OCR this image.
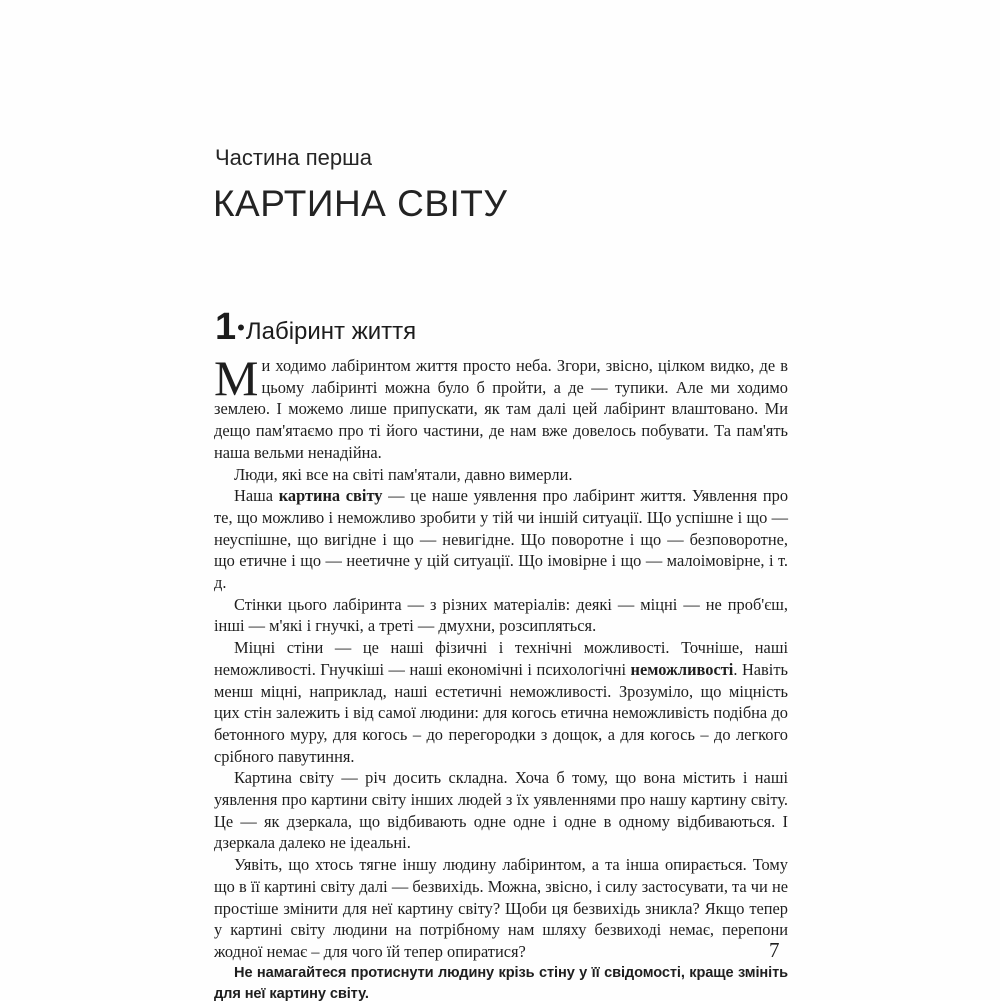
Частина перша
КАРТИНА СВІТУ
1 • Лабіринт життя

Ми ходимо лабіринтом життя просто неба. Згори, звісно, цілком видко, де в цьому лабіринті можна було б пройти, а де — тупики. Але ми ходимо землею. І можемо лише припускати, як там далі цей лабіринт влаштовано. Ми дещо пам'ятаємо про ті його частини, де нам вже довелось побувати. Та пам'ять наша вельми ненадійна.

Люди, які все на світі пам'ятали, давно вимерли.

Наша картина світу — це наше уявлення про лабіринт життя. Уявлення про те, що можливо і неможливо зробити у тій чи іншій ситуації. Що успішне і що — неуспішне, що вигідне і що — невигідне. Що поворотне і що — безповоротне, що етичне і що — неетичне у цій ситуації. Що імовірне і що — малоімовірне, і т. д.

Стінки цього лабіринта — з різних матеріалів: деякі — міцні — не проб'єш, інші — м'які і гнучкі, а треті — дмухни, розсипляться.

Міцні стіни — це наші фізичні і технічні можливості. Точніше, наші неможливості. Гнучкіші — наші економічні і психологічні неможливості. Навіть менш міцні, наприклад, наші естетичні неможливості. Зрозуміло, що міцність цих стін залежить і від самої людини: для когось етична неможливість подібна до бетонного муру, для когось – до перегородки з дощок, а для когось – до легкого срібного павутиння.

Картина світу — річ досить складна. Хоча б тому, що вона містить і наші уявлення про картини світу інших людей з їх уявленнями про нашу картину світу. Це — як дзеркала, що відбивають одне одне і одне в одному відбиваються. І дзеркала далеко не ідеальні.

Уявіть, що хтось тягне іншу людину лабіринтом, а та інша опирається. Тому що в її картині світу далі — безвихідь. Можна, звісно, і силу застосувати, та чи не простіше змінити для неї картину світу? Щоби ця безвихідь зникла? Якщо тепер у картині світу людини на потрібному нам шляху безвиході немає, перепони жодної немає – для чого їй тепер опиратися?

Не намагайтеся протиснути людину крізь стіну у її свідомості, краще змініть для неї картину світу.

7
